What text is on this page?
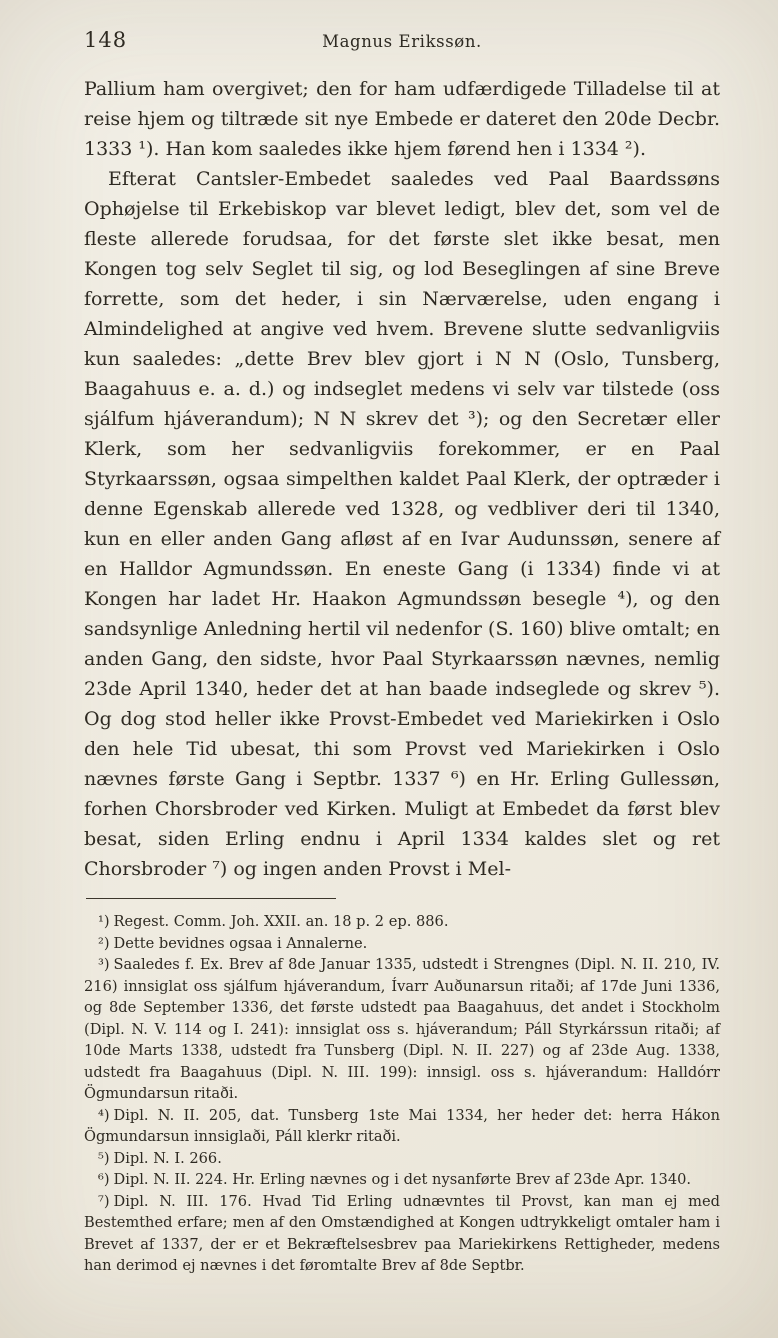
148	Magnus Erikssøn.

Pallium ham overgivet; den for ham udfærdigede Tilladelse til at reise hjem og tiltræde sit nye Embede er dateret den 20de Decbr. 1333 ¹). Han kom saaledes ikke hjem førend hen i 1334 ²).

Efterat Cantsler-Embedet saaledes ved Paal Baardssøns Ophøjelse til Erkebiskop var blevet ledigt, blev det, som vel de fleste allerede forudsaa, for det første slet ikke besat, men Kongen tog selv Seglet til sig, og lod Beseglingen af sine Breve forrette, som det heder, i sin Nærværelse, uden engang i Almindelighed at angive ved hvem. Brevene slutte sedvanligviis kun saaledes: „dette Brev blev gjort i N N (Oslo, Tunsberg, Baagahuus e. a. d.) og indseglet medens vi selv var tilstede (oss sjálfum hjáverandum); N N skrev det ³); og den Secretær eller Klerk, som her sedvanligviis forekommer, er en Paal Styrkaarssøn, ogsaa simpelthen kaldet Paal Klerk, der optræder i denne Egenskab allerede ved 1328, og vedbliver deri til 1340, kun en eller anden Gang afløst af en Ivar Audunssøn, senere af en Halldor Agmundssøn. En eneste Gang (i 1334) finde vi at Kongen har ladet Hr. Haakon Agmundssøn besegle ⁴), og den sandsynlige Anledning hertil vil nedenfor (S. 160) blive omtalt; en anden Gang, den sidste, hvor Paal Styrkaarssøn nævnes, nemlig 23de April 1340, heder det at han baade indseglede og skrev ⁵). Og dog stod heller ikke Provst-Embedet ved Mariekirken i Oslo den hele Tid ubesat, thi som Provst ved Mariekirken i Oslo nævnes første Gang i Septbr. 1337 ⁶) en Hr. Erling Gullessøn, forhen Chorsbroder ved Kirken. Muligt at Embedet da først blev besat, siden Erling endnu i April 1334 kaldes slet og ret Chorsbroder ⁷) og ingen anden Provst i Mel-

¹) Regest. Comm. Joh. XXII. an. 18 p. 2 ep. 886.

²) Dette bevidnes ogsaa i Annalerne.

³) Saaledes f. Ex. Brev af 8de Januar 1335, udstedt i Strengnes (Dipl. N. II. 210, IV. 216) innsiglat oss sjálfum hjáverandum, Ívarr Auðunarsun ritaði; af 17de Juni 1336, og 8de September 1336, det første udstedt paa Baagahuus, det andet i Stockholm (Dipl. N. V. 114 og I. 241): innsiglat oss s. hjáverandum; Páll Styrkárssun ritaði; af 10de Marts 1338, udstedt fra Tunsberg (Dipl. N. II. 227) og af 23de Aug. 1338, udstedt fra Baagahuus (Dipl. N. III. 199): innsigl. oss s. hjáverandum: Halldórr Ögmundarsun ritaði.

⁴) Dipl. N. II. 205, dat. Tunsberg 1ste Mai 1334, her heder det: herra Hákon Ögmundarsun innsiglaði, Páll klerkr ritaði.

⁵) Dipl. N. I. 266.

⁶) Dipl. N. II. 224. Hr. Erling nævnes og i det nysanførte Brev af 23de Apr. 1340.

⁷) Dipl. N. III. 176. Hvad Tid Erling udnævntes til Provst, kan man ej med Bestemthed erfare; men af den Omstændighed at Kongen udtrykkeligt omtaler ham i Brevet af 1337, der er et Bekræftelsesbrev paa Mariekirkens Rettigheder, medens han derimod ej nævnes i det føromtalte Brev af 8de Septbr.
